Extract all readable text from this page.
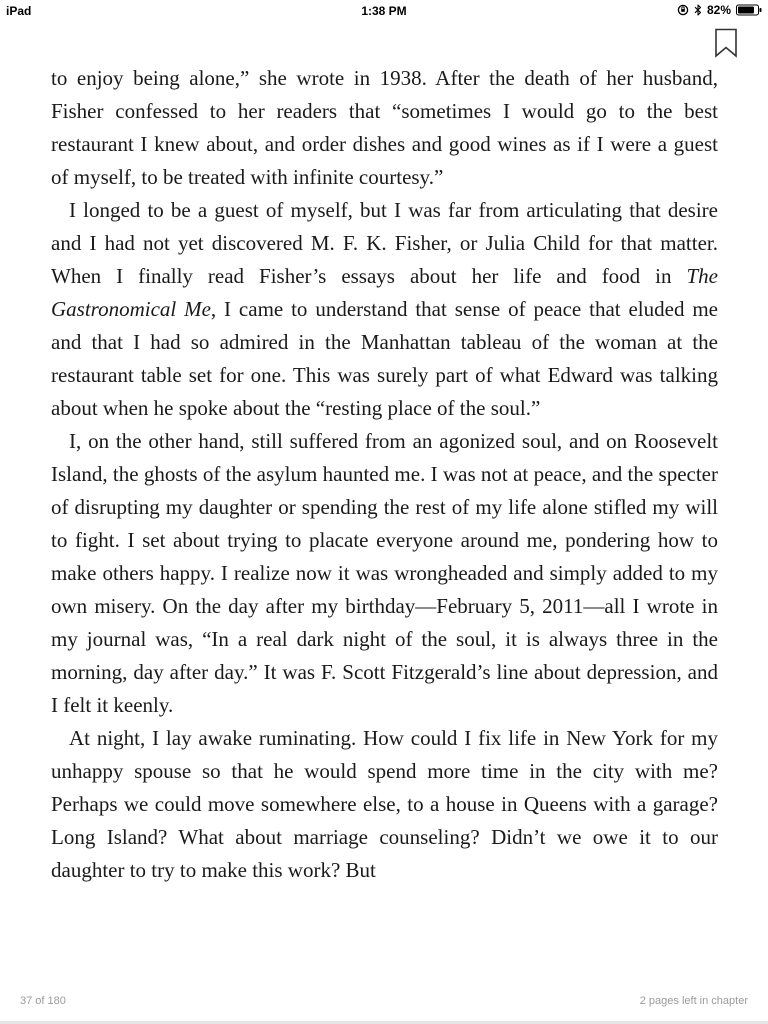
iPad	1:38 PM	82%

to enjoy being alone,” she wrote in 1938. After the death of her husband, Fisher confessed to her readers that “sometimes I would go to the best restaurant I knew about, and order dishes and good wines as if I were a guest of myself, to be treated with infinite courtesy.”

I longed to be a guest of myself, but I was far from articulating that desire and I had not yet discovered M. F. K. Fisher, or Julia Child for that matter. When I finally read Fisher’s essays about her life and food in The Gastronomical Me, I came to understand that sense of peace that eluded me and that I had so admired in the Manhattan tableau of the woman at the restaurant table set for one. This was surely part of what Edward was talking about when he spoke about the “resting place of the soul.”

I, on the other hand, still suffered from an agonized soul, and on Roosevelt Island, the ghosts of the asylum haunted me. I was not at peace, and the specter of disrupting my daughter or spending the rest of my life alone stifled my will to fight. I set about trying to placate everyone around me, pondering how to make others happy. I realize now it was wrongheaded and simply added to my own misery. On the day after my birthday—February 5, 2011—all I wrote in my journal was, “In a real dark night of the soul, it is always three in the morning, day after day.” It was F. Scott Fitzgerald’s line about depression, and I felt it keenly.

At night, I lay awake ruminating. How could I fix life in New York for my unhappy spouse so that he would spend more time in the city with me? Perhaps we could move somewhere else, to a house in Queens with a garage? Long Island? What about marriage counseling? Didn’t we owe it to our daughter to try to make this work? But

37 of 180	2 pages left in chapter
